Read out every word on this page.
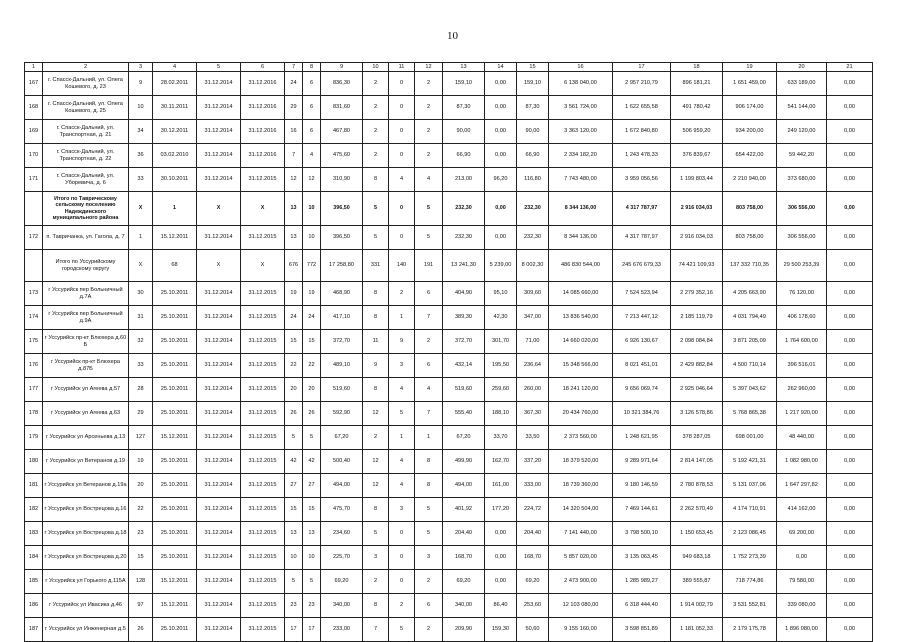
10
1	2	3	4	5	6	7	8	9	10	11	12	13	14	15	16	17	18	19	20	21
167	г. Спасск-Дальний, ул. Олега Кошевого, д. 23	9	28.02.2011	31.12.2014	31.12.2016	24	6	836,30	2	0	2	159,10	0,00	159,10	6 138 040,00	2 957 210,79	896 181,21	1 651 459,00	633 189,00	0,00
168	г. Спасск-Дальний, ул. Олега Кошевого, д. 25	10	30.11.2011	31.12.2014	31.12.2016	29	6	831,60	2	0	2	87,30	0,00	87,30	3 561 724,00	1 622 655,58	491 780,42	906 174,00	541 144,00	0,00
169	г. Спасск-Дальний, ул. Транспортная, д. 21	34	30.12.2011	31.12.2014	31.12.2016	16	6	467,80	2	0	2	90,00	0,00	90,00	3 363 120,00	1 672 840,80	506 959,20	934 200,00	249 120,00	0,00
170	г. Спасск-Дальний, ул. Транспортная, д. 22	36	03.02.2010	31.12.2014	31.12.2016	7	4	475,60	2	0	2	66,90	0,00	66,90	2 334 182,20	1 243 478,33	376 839,67	654 422,00	59 442,20	0,00
171	г. Спасск-Дальний, ул. Уборевича, д. 6	33	30.10.2011	31.12.2014	31.12.2015	12	12	310,90	8	4	4	213,00	96,20	116,80	7 743 480,00	3 959 056,56	1 199 803,44	2 210 940,00	373 680,00	0,00
	Итого по Таврическому сельскому поселению Надеждинского муниципального района	X	1	X	X	13	10	396,50	5	0	5	232,30	0,00	232,30	8 344 136,00	4 317 787,97	2 916 034,03	803 758,00	306 556,00	0,00
172	п. Тавричанка, ул. Гагола, д. 7	1	15.12.2011	31.12.2014	31.12.2015	13	10	396,50	5	0	5	232,30	0,00	232,30	8 344 136,00	4 317 787,97	2 916 034,03	803 758,00	306 556,00	0,00
	Итого по Уссурийскому городскому округу	X	68	X	X	676	772	17 258,80	331	140	191	13 241,30	5 239,00	8 002,30	486 830 544,00	245 676 679,33	74 421 109,93	137 332 710,35	29 500 253,39	0,00
173	г Уссурийск пер Больничный д.7А	30	25.10.2011	31.12.2014	31.12.2015	19	19	468,90	8	2	6	404,90	95,10	309,60	14 085 660,00	7 524 523,94	2 279 352,16	4 205 663,90	76 120,00	0,00
174	г Уссурийск пер Больничный д.9А	31	25.10.2011	31.12.2014	31.12.2015	24	24	417,10	8	1	7	389,30	42,30	347,00	13 836 540,00	7 213 447,12	2 185 119,79	4 031 794,49	406 178,60	0,00
175	г Уссурийск пр-кт Блюхера д.60 Б	32	25.10.2011	31.12.2014	31.12.2015	15	15	372,70	11	9	2	372,70	301,70	71,00	14 660 020,00	6 926 130,67	2 098 084,84	3 871 205,09	1 764 600,00	0,00
176	г Уссурийск пр-кт Блюхера д.87Б	33	25.10.2011	31.12.2014	31.12.2015	22	22	489,10	9	3	6	432,14	195,50	236,64	15 348 566,00	8 021 451,01	2 429 882,84	4 500 710,14	396 516,01	0,00
177	г Уссурийск ул Агеева д.57	28	25.10.2011	31.12.2014	31.12.2015	20	20	519,60	8	4	4	519,60	259,60	260,00	18 241 120,00	9 656 069,74	2 925 046,64	5 397 043,62	262 960,00	0,00
178	г Уссурийск ул Агеева д.63	29	25.10.2011	31.12.2014	31.12.2015	26	26	592,90	12	5	7	555,40	188,10	367,30	20 434 760,00	10 321 384,76	3 126 578,86	5 768 865,38	1 217 920,00	0,00
179	г Уссурийск ул Арсеньева д.13	127	15.12.2011	31.12.2014	31.12.2015	5	5	67,20	2	1	1	67,20	33,70	33,50	2 373 560,00	1 248 621,95	378 287,05	698 001,00	48 440,00	0,00
180	г Уссурийск ул Ветеранов д.19	19	25.10.2011	31.12.2014	31.12.2015	42	42	500,40	12	4	8	499,90	162,70	337,20	18 379 520,00	9 289 971,64	2 814 147,05	5 192 421,31	1 082 980,00	0,00
181	г Уссурийск ул Ветеранов д.19а	20	25.10.2011	31.12.2014	31.12.2015	27	27	494,00	12	4	8	494,00	161,00	333,00	18 739 360,00	9 180 146,59	2 780 878,53	5 131 037,06	1 647 297,82	0,00
182	г Уссурийск ул Вострецова д.16	22	25.10.2011	31.12.2014	31.12.2015	15	15	475,70	8	3	5	401,92	177,20	224,72	14 320 504,00	7 469 144,61	2 262 570,49	4 174 710,91	414 162,00	0,00
183	г Уссурийск ул Вострецова д.18	23	25.10.2011	31.12.2014	31.12.2015	13	13	234,60	5	0	5	204,40	0,00	204,40	7 141 440,00	3 798 500,10	1 150 653,45	2 123 086,45	69 200,00	0,00
184	г Уссурийск ул Вострецова д.20	15	25.10.2011	31.12.2014	31.12.2015	10	10	225,70	3	0	3	168,70	0,00	168,70	5 857 020,00	3 135 063,45	949 683,18	1 752 273,39	0,00	0,00
185	г Уссурийск ул Горького д.115А	128	15.12.2011	31.12.2014	31.12.2015	5	5	69,20	2	0	2	69,20	0,00	69,20	2 473 900,00	1 285 989,27	389 555,87	718 774,86	79 580,00	0,00
186	г Уссурийск ул Ивасика д.46	97	15.12.2011	31.12.2014	31.12.2015	23	23	340,00	8	2	6	340,00	86,40	253,60	12 103 080,00	6 318 444,40	1 914 002,79	3 531 552,81	339 080,00	0,00
187	г Уссурийск ул Инженерная д.5	26	25.10.2011	31.12.2014	31.12.2015	17	17	233,00	7	5	2	209,90	159,30	50,60	9 155 160,00	3 598 851,89	1 181 052,33	2 179 175,78	1 896 080,00	0,00
